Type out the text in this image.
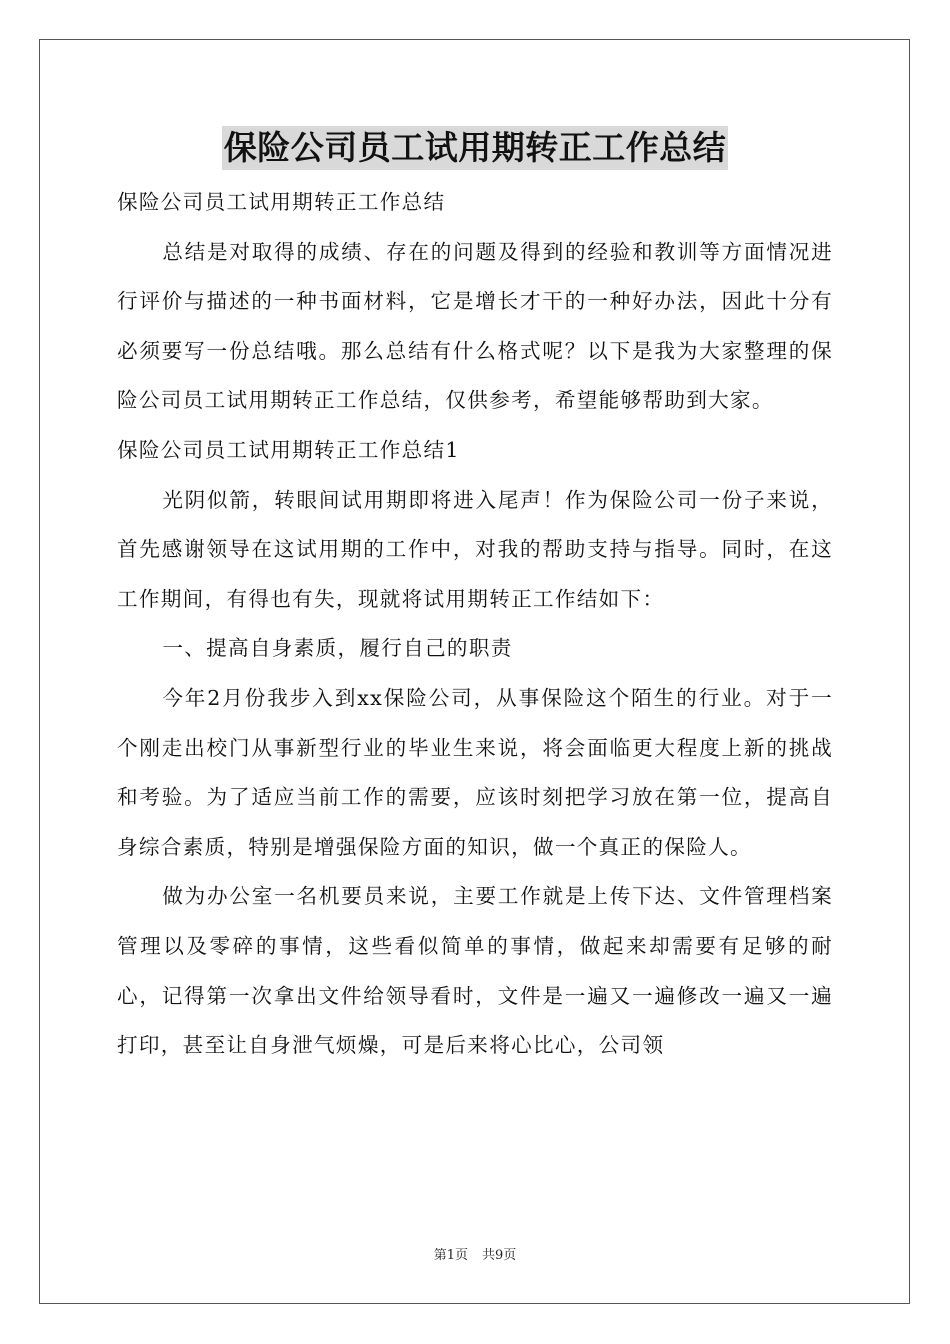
保险公司员工试用期转正工作总结

保险公司员工试用期转正工作总结

总结是对取得的成绩、存在的问题及得到的经验和教训等方面情况进行评价与描述的一种书面材料，它是增长才干的一种好办法，因此十分有必须要写一份总结哦。那么总结有什么格式呢？以下是我为大家整理的保险公司员工试用期转正工作总结，仅供参考，希望能够帮助到大家。

保险公司员工试用期转正工作总结1

光阴似箭，转眼间试用期即将进入尾声！作为保险公司一份子来说，首先感谢领导在这试用期的工作中，对我的帮助支持与指导。同时，在这工作期间，有得也有失，现就将试用期转正工作结如下：

一、提高自身素质，履行自己的职责

今年2月份我步入到xx保险公司，从事保险这个陌生的行业。对于一个刚走出校门从事新型行业的毕业生来说，将会面临更大程度上新的挑战和考验。为了适应当前工作的需要，应该时刻把学习放在第一位，提高自身综合素质，特别是增强保险方面的知识，做一个真正的保险人。

做为办公室一名机要员来说，主要工作就是上传下达、文件管理档案管理以及零碎的事情，这些看似简单的事情，做起来却需要有足够的耐心，记得第一次拿出文件给领导看时，文件是一遍又一遍修改一遍又一遍打印，甚至让自身泄气烦燥，可是后来将心比心，公司领

第1页 共9页
